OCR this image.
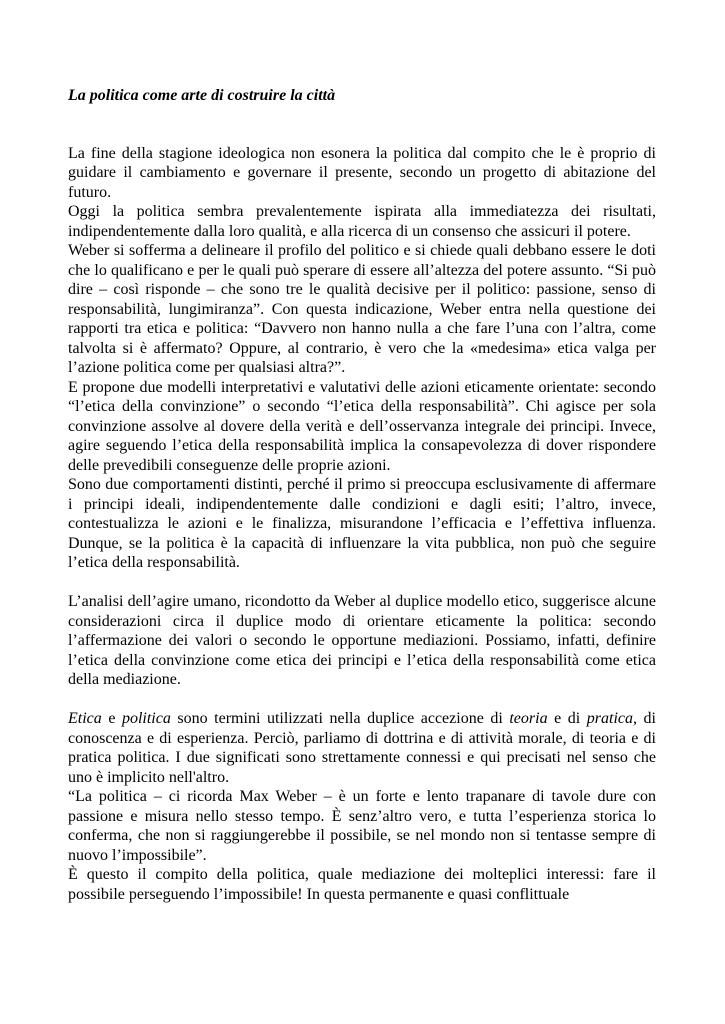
La politica come arte di costruire la città

La fine della stagione ideologica non esonera la politica dal compito che le è proprio di guidare il cambiamento e governare il presente, secondo un progetto di abitazione del futuro.

Oggi la politica sembra prevalentemente ispirata alla immediatezza dei risultati, indipendentemente dalla loro qualità, e alla ricerca di un consenso che assicuri il potere.

Weber si sofferma a delineare il profilo del politico e si chiede quali debbano essere le doti che lo qualificano e per le quali può sperare di essere all’altezza del potere assunto. “Si può dire – così risponde – che sono tre le qualità decisive per il politico: passione, senso di responsabilità, lungimiranza”. Con questa indicazione, Weber entra nella questione dei rapporti tra etica e politica: “Davvero non hanno nulla a che fare l’una con l’altra, come talvolta si è affermato? Oppure, al contrario, è vero che la «medesima» etica valga per l’azione politica come per qualsiasi altra?”.

E propone due modelli interpretativi e valutativi delle azioni eticamente orientate: secondo “l’etica della convinzione” o secondo “l’etica della responsabilità”. Chi agisce per sola convinzione assolve al dovere della verità e dell’osservanza integrale dei principi. Invece, agire seguendo l’etica della responsabilità implica la consapevolezza di dover rispondere delle prevedibili conseguenze delle proprie azioni.

Sono due comportamenti distinti, perché il primo si preoccupa esclusivamente di affermare i principi ideali, indipendentemente dalle condizioni e dagli esiti; l’altro, invece, contestualizza le azioni e le finalizza, misurandone l’efficacia e l’effettiva influenza. Dunque, se la politica è la capacità di influenzare la vita pubblica, non può che seguire l’etica della responsabilità.

L’analisi dell’agire umano, ricondotto da Weber al duplice modello etico, suggerisce alcune considerazioni circa il duplice modo di orientare eticamente la politica: secondo l’affermazione dei valori o secondo le opportune mediazioni. Possiamo, infatti, definire l’etica della convinzione come etica dei principi e l’etica della responsabilità come etica della mediazione.

Etica e politica sono termini utilizzati nella duplice accezione di teoria e di pratica, di conoscenza e di esperienza. Perciò, parliamo di dottrina e di attività morale, di teoria e di pratica politica. I due significati sono strettamente connessi e qui precisati nel senso che uno è implicito nell'altro.

“La politica – ci ricorda Max Weber – è un forte e lento trapanare di tavole dure con passione e misura nello stesso tempo. È senz’altro vero, e tutta l’esperienza storica lo conferma, che non si raggiungerebbe il possibile, se nel mondo non si tentasse sempre di nuovo l’impossibile”.

È questo il compito della politica, quale mediazione dei molteplici interessi: fare il possibile perseguendo l’impossibile! In questa permanente e quasi conflittuale
